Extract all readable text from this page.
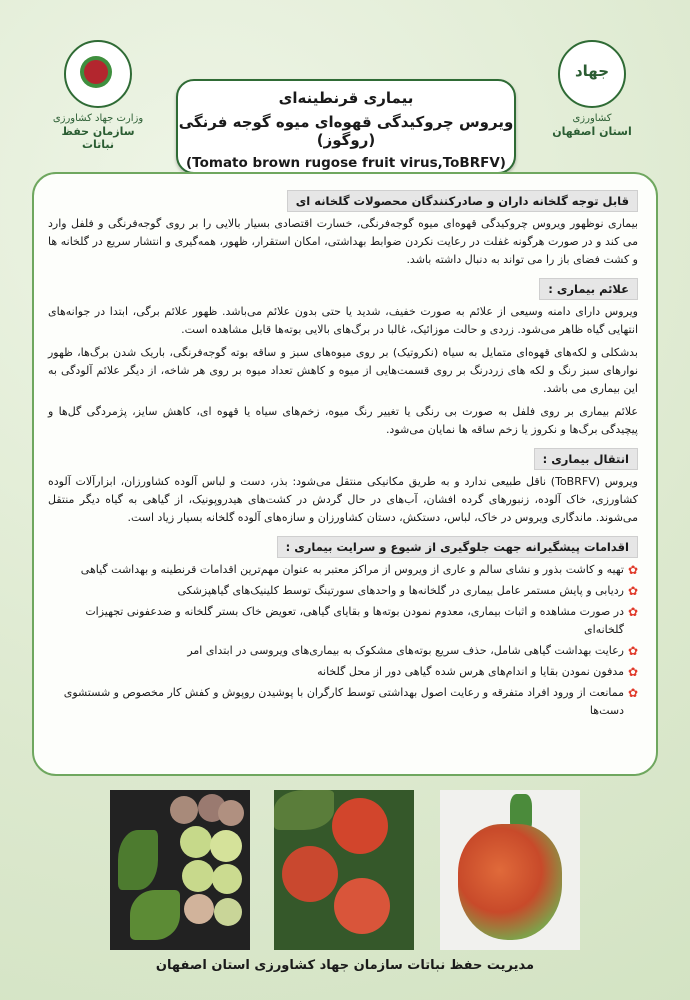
وزارت جهاد کشاورزی
سازمان حفظ نباتات
جهاد
کشاورزی
استان اصفهان
بیماری قرنطینه‌ای
ویروس چروکیدگی قهوه‌ای میوه گوجه فرنگی (روگوز)
(Tomato brown rugose fruit virus,ToBRFV)
قابل توجه گلخانه داران و صادرکنندگان محصولات گلخانه ای

بیماری نوظهور ویروس چروکیدگی قهوه‌ای میوه گوجه‌فرنگی، خسارت اقتصادی بسیار بالایی را بر روی گوجه‌فرنگی و فلفل وارد می کند و در صورت هرگونه غفلت در رعایت نکردن ضوابط بهداشتی، امکان استقرار، ظهور، همه‌گیری و انتشار سریع در گلخانه ها و کشت فضای باز را می تواند به دنبال داشته باشد.

علائم بیماری :

ویروس دارای دامنه وسیعی از علائم به صورت خفیف، شدید یا حتی بدون علائم می‌باشد. ظهور علائم برگی، ابتدا در جوانه‌های انتهایی گیاه ظاهر می‌شود. زردی و حالت موزائیک، غالبا در برگ‌های بالایی بوته‌ها قابل مشاهده است.

بدشکلی و لکه‌های قهوه‌ای متمایل به سیاه (نکروتیک) بر روی میوه‌های سبز و ساقه بوته گوجه‌فرنگی، باریک شدن برگ‌ها، ظهور نوارهای سبز رنگ و لکه های زردرنگ بر روی قسمت‌هایی از میوه و کاهش تعداد میوه بر روی هر شاخه، از دیگر علائم آلودگی به این بیماری می باشد.

علائم بیماری بر روی فلفل به صورت بی رنگی یا تغییر رنگ میوه، زخم‌های سیاه یا قهوه ای، کاهش سایز، پژمردگی گل‌ها و پیچیدگی برگ‌ها و نکروز یا زخم ساقه ها نمایان می‌شود.

انتقال بیماری :

ویروس (ToBRFV) ناقل طبیعی ندارد و به طریق مکانیکی منتقل می‌شود: بذر، دست و لباس آلوده کشاورزان، ابزارآلات آلوده کشاورزی، خاک آلوده، زنبورهای گرده افشان، آب‌های در حال گردش در کشت‌های هیدروپونیک، از گیاهی به گیاه دیگر منتقل می‌شوند. ماندگاری ویروس در خاک، لباس، دستکش، دستان کشاورزان و سازه‌های آلوده گلخانه بسیار زیاد است.

اقدامات پیشگیرانه جهت جلوگیری از شیوع و سرایت بیماری :
✿
تهیه و کاشت بذور و نشای سالم و عاری از ویروس از مراکز معتبر به عنوان مهم‌ترین اقدامات قرنطینه و بهداشت گیاهی
✿
ردیابی و پایش مستمر عامل بیماری در گلخانه‌ها و واحدهای سورتینگ توسط کلینیک‌های گیاهپزشکی
✿
در صورت مشاهده و اثبات بیماری، معدوم نمودن بوته‌ها و بقایای گیاهی، تعویض خاک بستر گلخانه و ضدعفونی تجهیزات گلخانه‌ای
✿
رعایت بهداشت گیاهی شامل، حذف سریع بوته‌های مشکوک به بیماری‌های ویروسی در ابتدای امر
✿
مدفون نمودن بقایا و اندام‌های هرس شده گیاهی دور از محل گلخانه
✿
ممانعت از ورود افراد متفرقه و رعایت اصول بهداشتی توسط کارگران با پوشیدن روپوش و کفش کار مخصوص و شستشوی دست‌ها
مدیریت حفظ نباتات سازمان جهاد کشاورزی استان اصفهان
